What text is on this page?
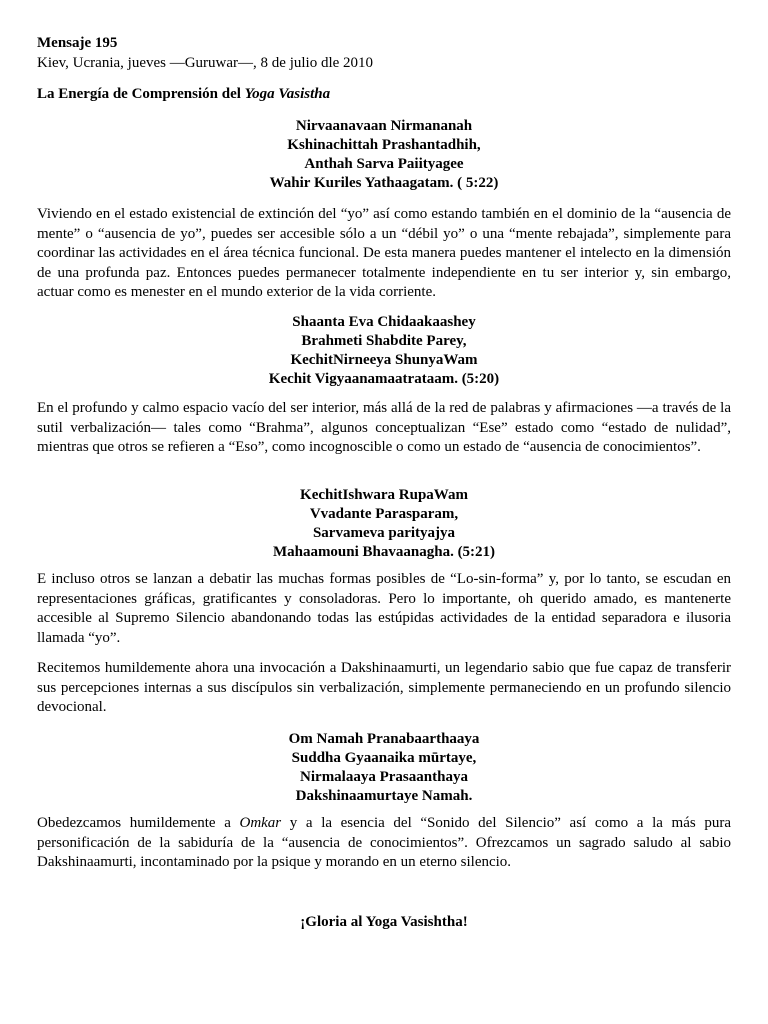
Mensaje 195
Kiev, Ucrania, jueves —Guruwar—, 8 de julio dle 2010
La Energía de Comprensión del Yoga Vasistha
Nirvaanavaan Nirmananah
Kshinachittah Prashantadhih,
Anthah Sarva Paiityagee
Wahir Kuriles Yathaagatam. ( 5:22)

Viviendo en el estado existencial de extinción del “yo” así como estando también en el dominio de la “ausencia de mente” o “ausencia de yo”, puedes ser accesible sólo a un “débil yo” o una “mente rebajada”, simplemente para coordinar las actividades en el área técnica funcional. De esta manera puedes mantener el intelecto en la dimensión de una profunda paz. Entonces puedes permanecer totalmente independiente en tu ser interior y, sin embargo, actuar como es menester en el mundo exterior de la vida corriente.

Shaanta Eva Chidaakaashey
Brahmeti Shabdite Parey,
KechitNirneeya ShunyaWam
Kechit Vigyaanamaatrataam. (5:20)

En el profundo y calmo espacio vacío del ser interior, más allá de la red de palabras y afirmaciones —a través de la sutil verbalización— tales como “Brahma”, algunos conceptualizan “Ese” estado como “estado de nulidad”, mientras que otros se refieren a “Eso”, como incognoscible o como un estado de “ausencia de conocimientos”.

KechitIshwara RupaWam
Vvadante Parasparam,
Sarvameva parityajya
Mahaamouni Bhavaanagha. (5:21)

E incluso otros se lanzan a debatir las muchas formas posibles de “Lo-sin-forma” y, por lo tanto, se escudan en representaciones gráficas, gratificantes y consoladoras. Pero lo importante, oh querido amado, es mantenerte accesible al Supremo Silencio abandonando todas las estúpidas actividades de la entidad separadora e ilusoria llamada “yo”.

Recitemos humildemente ahora una invocación a Dakshinaamurti, un legendario sabio que fue capaz de transferir sus percepciones internas a sus discípulos sin verbalización, simplemente permaneciendo en un profundo silencio devocional.

Om Namah Pranabaarthaaya
Suddha Gyaanaika mūrtaye,
Nirmalaaya Prasaanthaya
Dakshinaamurtaye Namah.

Obedezcamos humildemente a Omkar y a la esencia del “Sonido del Silencio” así como a la más pura personificación de la sabiduría de la “ausencia de conocimientos”. Ofrezcamos un sagrado saludo al sabio Dakshinaamurti, incontaminado por la psique y morando en un eterno silencio.

¡Gloria al Yoga Vasishtha!
